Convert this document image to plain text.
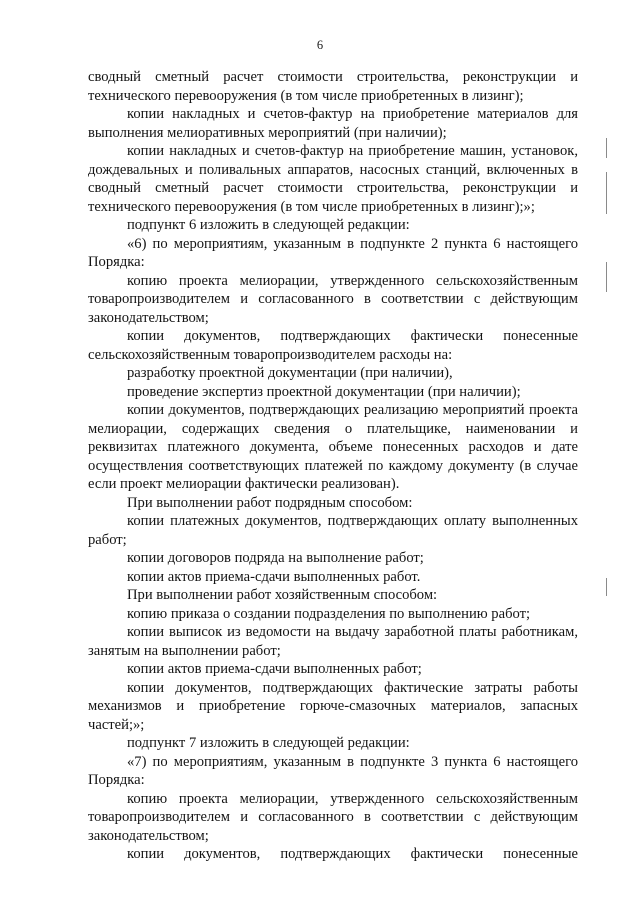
6

сводный сметный расчет стоимости строительства, реконструкции и технического перевооружения (в том числе приобретенных в лизинг);

копии накладных и счетов-фактур на приобретение материалов для выполнения мелиоративных мероприятий (при наличии);

копии накладных и счетов-фактур на приобретение машин, установок, дождевальных и поливальных аппаратов, насосных станций, включенных в сводный сметный расчет стоимости строительства, реконструкции и технического перевооружения (в том числе приобретенных в лизинг);»;

подпункт 6 изложить в следующей редакции:

«6) по мероприятиям, указанным в подпункте 2 пункта 6 настоящего Порядка:

копию проекта мелиорации, утвержденного сельскохозяйственным товаропроизводителем и согласованного в соответствии с действующим законодательством;

копии документов, подтверждающих фактически понесенные сельскохозяйственным товаропроизводителем расходы на:

разработку проектной документации (при наличии),

проведение экспертиз проектной документации (при наличии);

копии документов, подтверждающих реализацию мероприятий проекта мелиорации, содержащих сведения о плательщике, наименовании и реквизитах платежного документа, объеме понесенных расходов и дате осуществления соответствующих платежей по каждому документу (в случае если проект мелиорации фактически реализован).

При выполнении работ подрядным способом:

копии платежных документов, подтверждающих оплату выполненных работ;

копии договоров подряда на выполнение работ;

копии актов приема-сдачи выполненных работ.

При выполнении работ хозяйственным способом:

копию приказа о создании подразделения по выполнению работ;

копии выписок из ведомости на выдачу заработной платы работникам, занятым на выполнении работ;

копии актов приема-сдачи выполненных работ;

копии документов, подтверждающих фактические затраты работы механизмов и приобретение горюче-смазочных материалов, запасных частей;»;

подпункт 7 изложить в следующей редакции:

«7) по мероприятиям, указанным в подпункте 3 пункта 6 настоящего Порядка:

копию проекта мелиорации, утвержденного сельскохозяйственным товаропроизводителем и согласованного в соответствии с действующим законодательством;

копии документов, подтверждающих фактически понесенные
